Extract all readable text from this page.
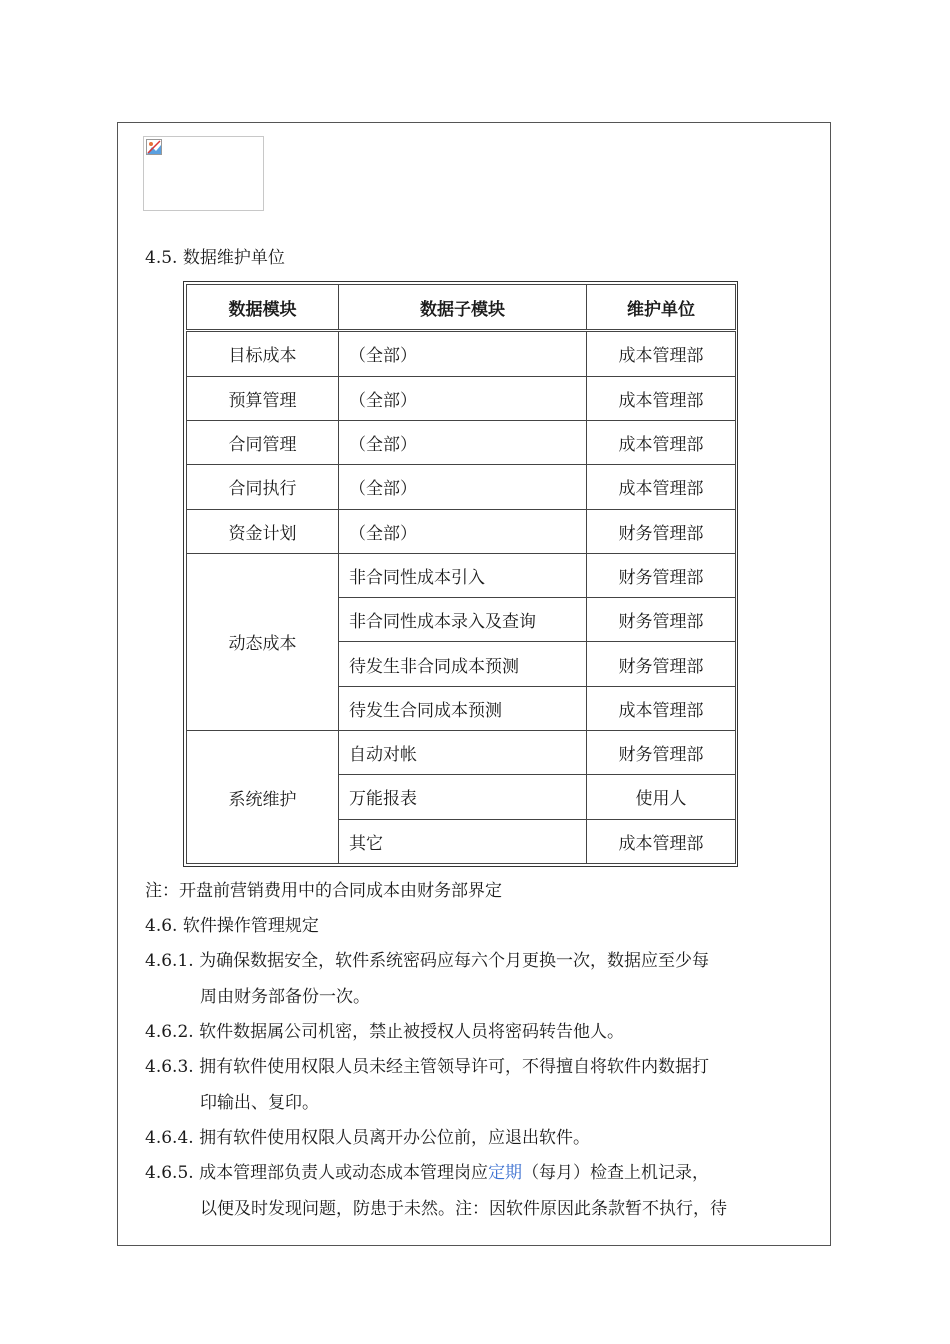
4.5. 数据维护单位
数据模块	数据子模块	维护单位
目标成本	（全部）	成本管理部
预算管理	（全部）	成本管理部
合同管理	（全部）	成本管理部
合同执行	（全部）	成本管理部
资金计划	（全部）	财务管理部
动态成本	非合同性成本引入	财务管理部
	非合同性成本录入及查询	财务管理部
	待发生非合同成本预测	财务管理部
	待发生合同成本预测	成本管理部
系统维护	自动对帐	财务管理部
	万能报表	使用人
	其它	成本管理部
注：开盘前营销费用中的合同成本由财务部界定
4.6. 软件操作管理规定
4.6.1. 为确保数据安全，软件系统密码应每六个月更换一次，数据应至少每
周由财务部备份一次。
4.6.2. 软件数据属公司机密，禁止被授权人员将密码转告他人。
4.6.3. 拥有软件使用权限人员未经主管领导许可，不得擅自将软件内数据打
印输出、复印。
4.6.4. 拥有软件使用权限人员离开办公位前，应退出软件。
4.6.5. 成本管理部负责人或动态成本管理岗应定期（每月）检查上机记录，
以便及时发现问题，防患于未然。注：因软件原因此条款暂不执行，待
